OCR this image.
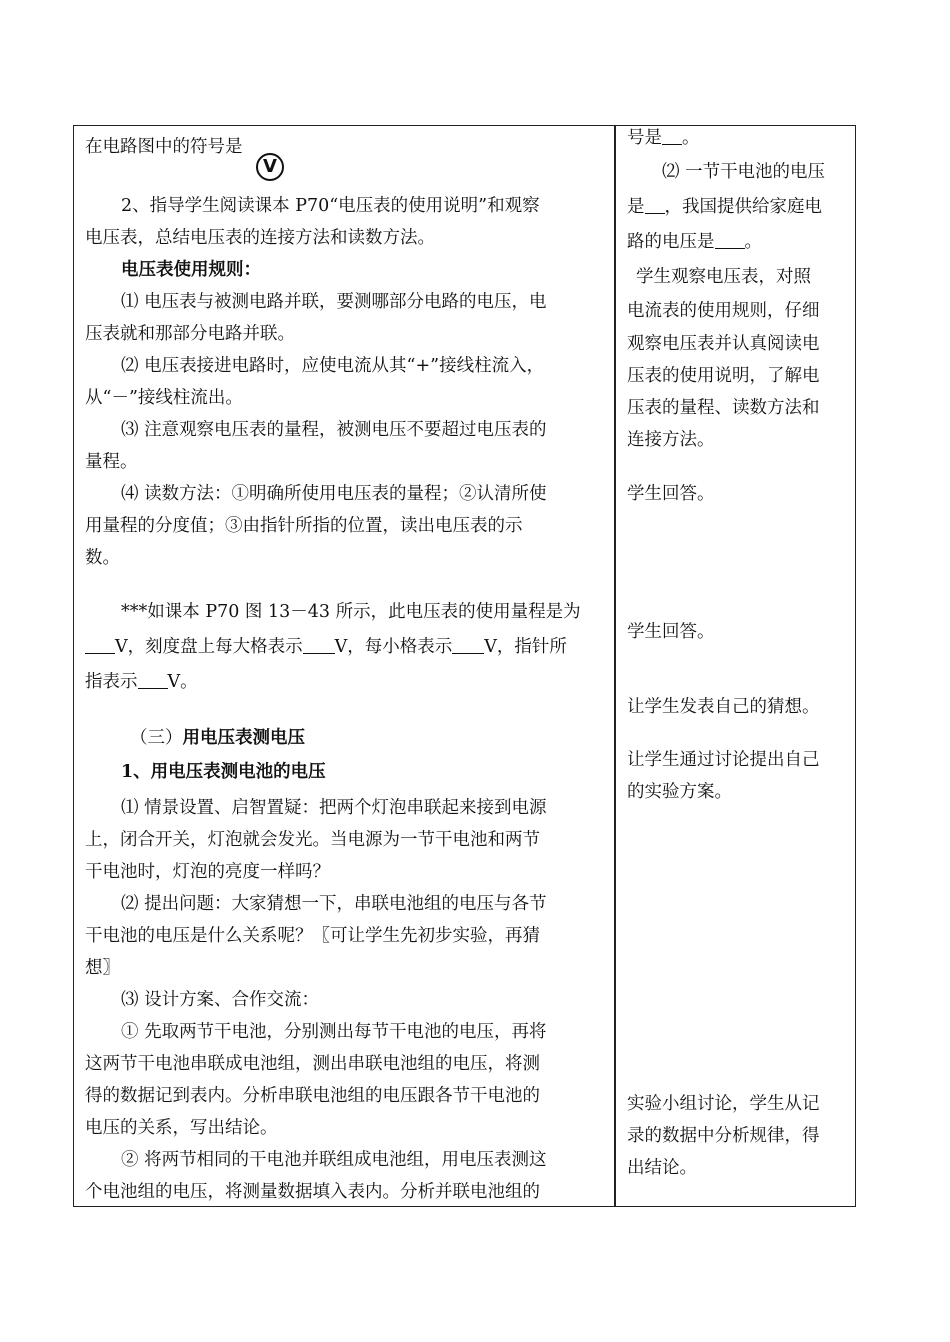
在电路图中的符号是
V
2、指导学生阅读课本 P70“电压表的使用说明”和观察
电压表，总结电压表的连接方法和读数方法。
电压表使用规则：
⑴ 电压表与被测电路并联，要测哪部分电路的电压，电
压表就和那部分电路并联。
⑵ 电压表接进电路时，应使电流从其“+”接线柱流入，
从“－”接线柱流出。
⑶ 注意观察电压表的量程，被测电压不要超过电压表的
量程。
⑷ 读数方法：①明确所使用电压表的量程；②认清所使
用量程的分度值；③由指针所指的位置，读出电压表的示
数。
***如课本 P70 图 13－43 所示，此电压表的使用量程是为
V，刻度盘上每大格表示 V，每小格表示 V，指针所
指表示 V。
（三）用电压表测电压
1、用电压表测电池的电压
⑴ 情景设置、启智置疑：把两个灯泡串联起来接到电源
上，闭合开关，灯泡就会发光。当电源为一节干电池和两节
干电池时，灯泡的亮度一样吗？
⑵ 提出问题：大家猜想一下，串联电池组的电压与各节
干电池的电压是什么关系呢？〖可让学生先初步实验，再猜
想〗
⑶ 设计方案、合作交流：
① 先取两节干电池，分别测出每节干电池的电压，再将
这两节干电池串联成电池组，测出串联电池组的电压，将测
得的数据记到表内。分析串联电池组的电压跟各节干电池的
电压的关系，写出结论。
② 将两节相同的干电池并联组成电池组，用电压表测这
个电池组的电压，将测量数据填入表内。分析并联电池组的
号是 。
⑵ 一节干电池的电压
是 ，我国提供给家庭电
路的电压是 。
学生观察电压表，对照
电流表的使用规则，仔细
观察电压表并认真阅读电
压表的使用说明，了解电
压表的量程、读数方法和
连接方法。
学生回答。
学生回答。
让学生发表自己的猜想。
让学生通过讨论提出自己
的实验方案。
实验小组讨论，学生从记
录的数据中分析规律，得
出结论。
